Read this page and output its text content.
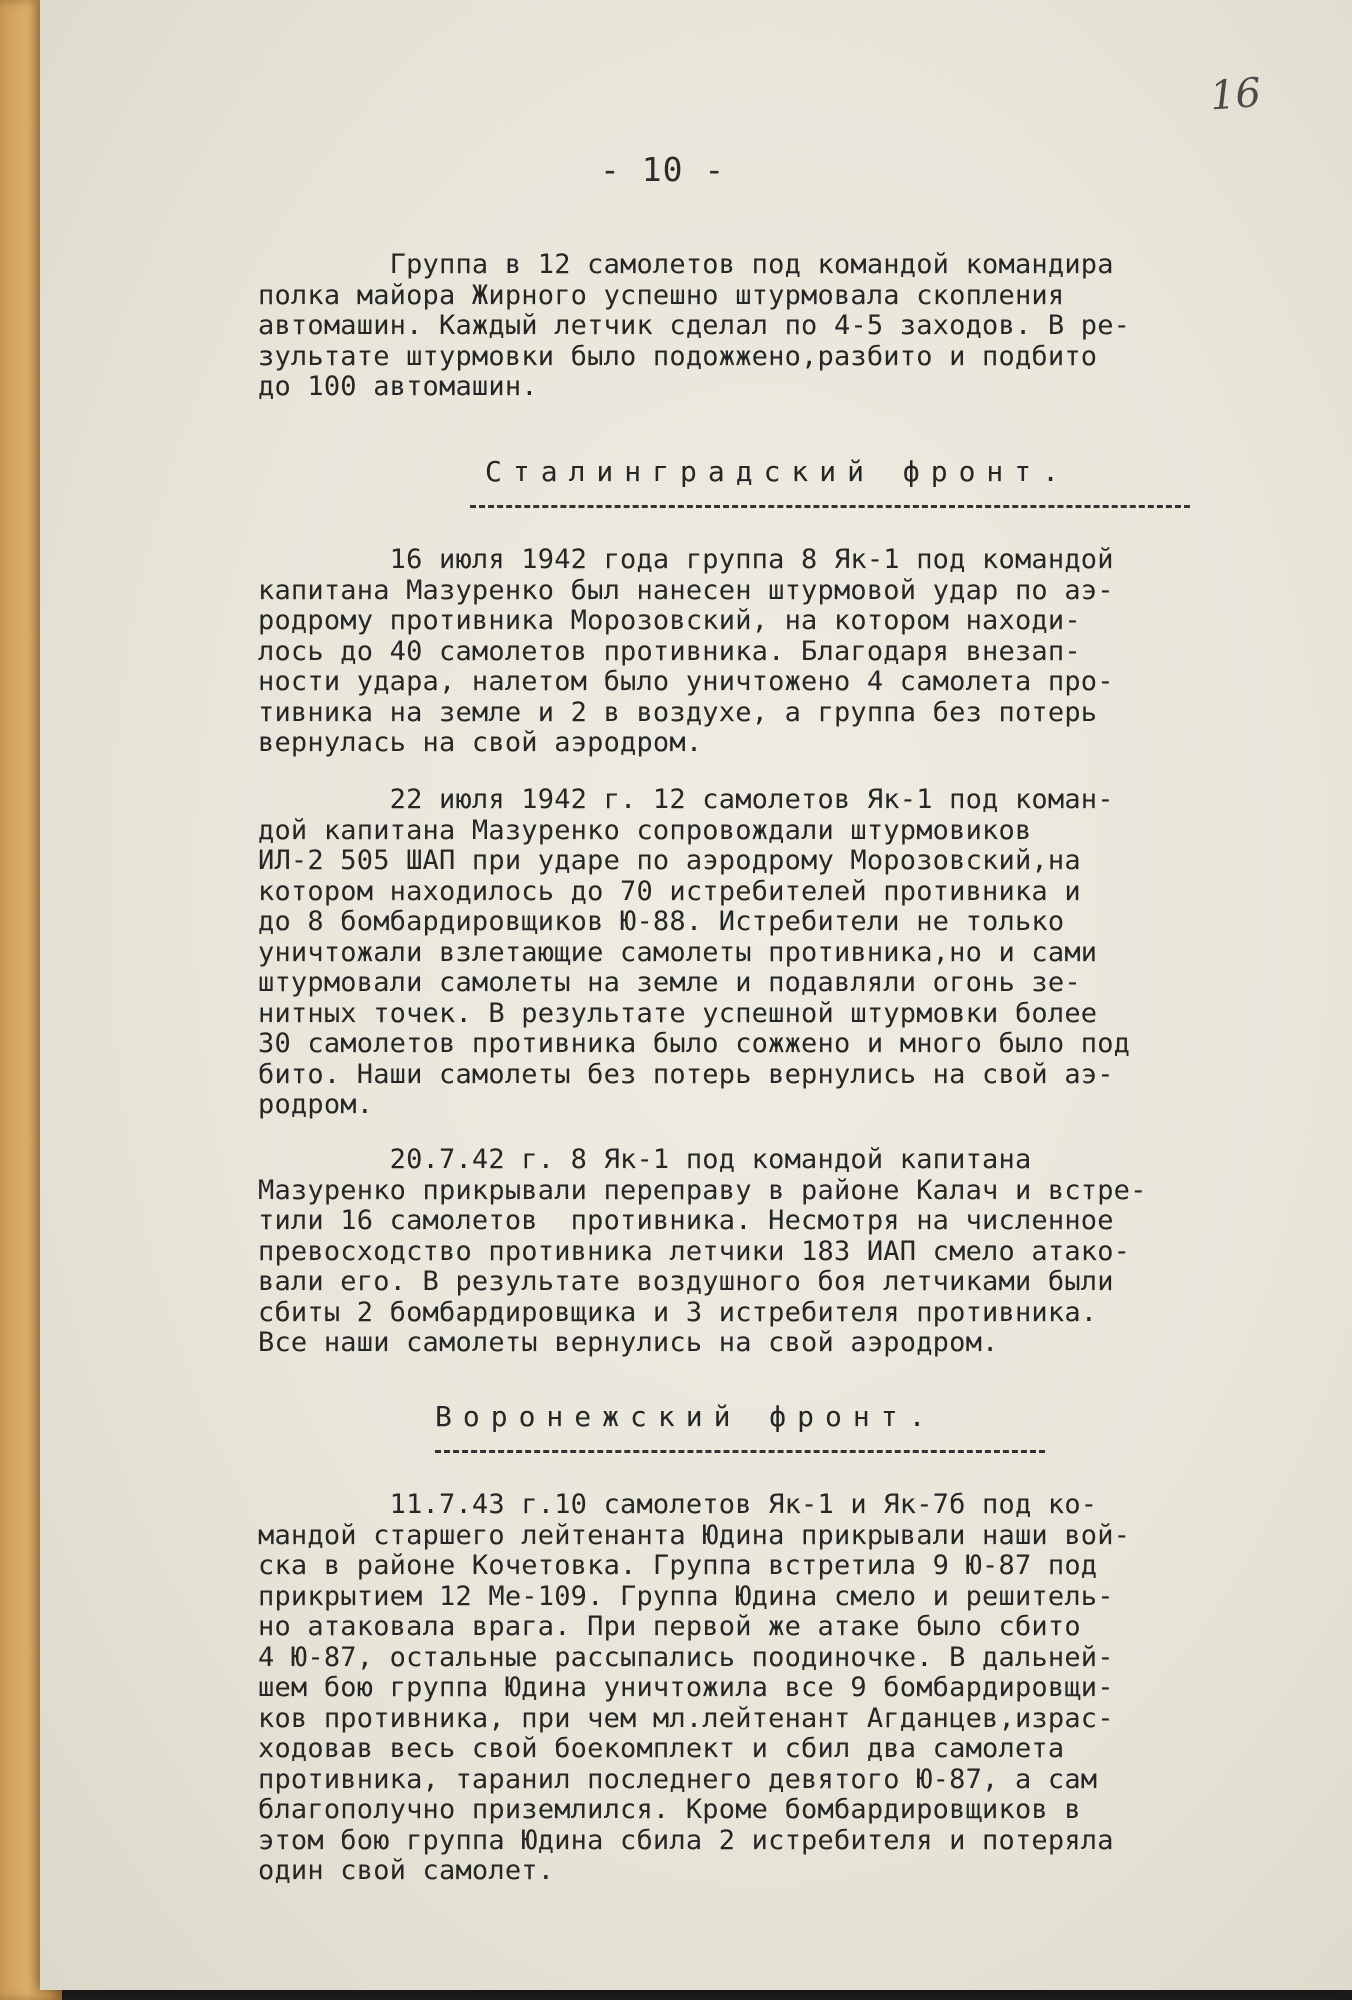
16
- 10 -
Группа в 12 самолетов под командой командира
полка майора Жирного успешно штурмовала скопления
автомашин. Каждый летчик сделал по 4-5 заходов. В ре-
зультате штурмовки было подожжено,разбито и подбито
до 100 автомашин.
Сталинградский фронт.
16 июля 1942 года группа 8 Як-1 под командой
капитана Мазуренко был нанесен штурмовой удар по аэ-
родрому противника Морозовский, на котором находи-
лось до 40 самолетов противника. Благодаря внезап-
ности удара, налетом было уничтожено 4 самолета про-
тивника на земле и 2 в воздухе, а группа без потерь
вернулась на свой аэродром.
22 июля 1942 г. 12 самолетов Як-1 под коман-
дой капитана Мазуренко сопровождали штурмовиков
ИЛ-2 505 ШАП при ударе по аэродрому Морозовский,на
котором находилось до 70 истребителей противника и
до 8 бомбардировщиков Ю-88. Истребители не только
уничтожали взлетающие самолеты противника,но и сами
штурмовали самолеты на земле и подавляли огонь зе-
нитных точек. В результате успешной штурмовки более
30 самолетов противника было сожжено и много было под
бито. Наши самолеты без потерь вернулись на свой аэ-
родром.
20.7.42 г. 8 Як-1 под командой капитана
Мазуренко прикрывали переправу в районе Калач и встре-
тили 16 самолетов  противника. Несмотря на численное
превосходство противника летчики 183 ИАП смело атако-
вали его. В результате воздушного боя летчиками были
сбиты 2 бомбардировщика и 3 истребителя противника.
Все наши самолеты вернулись на свой аэродром.
Воронежский фронт.
11.7.43 г.10 самолетов Як-1 и Як-7б под ко-
мандой старшего лейтенанта Юдина прикрывали наши вой-
ска в районе Кочетовка. Группа встретила 9 Ю-87 под
прикрытием 12 Ме-109. Группа Юдина смело и решитель-
но атаковала врага. При первой же атаке было сбито
4 Ю-87, остальные рассыпались поодиночке. В дальней-
шем бою группа Юдина уничтожила все 9 бомбардировщи-
ков противника, при чем мл.лейтенант Агданцев,израс-
ходовав весь свой боекомплект и сбил два самолета
противника, таранил последнего девятого Ю-87, а сам
благополучно приземлился. Кроме бомбардировщиков в
этом бою группа Юдина сбила 2 истребителя и потеряла
один свой самолет.
